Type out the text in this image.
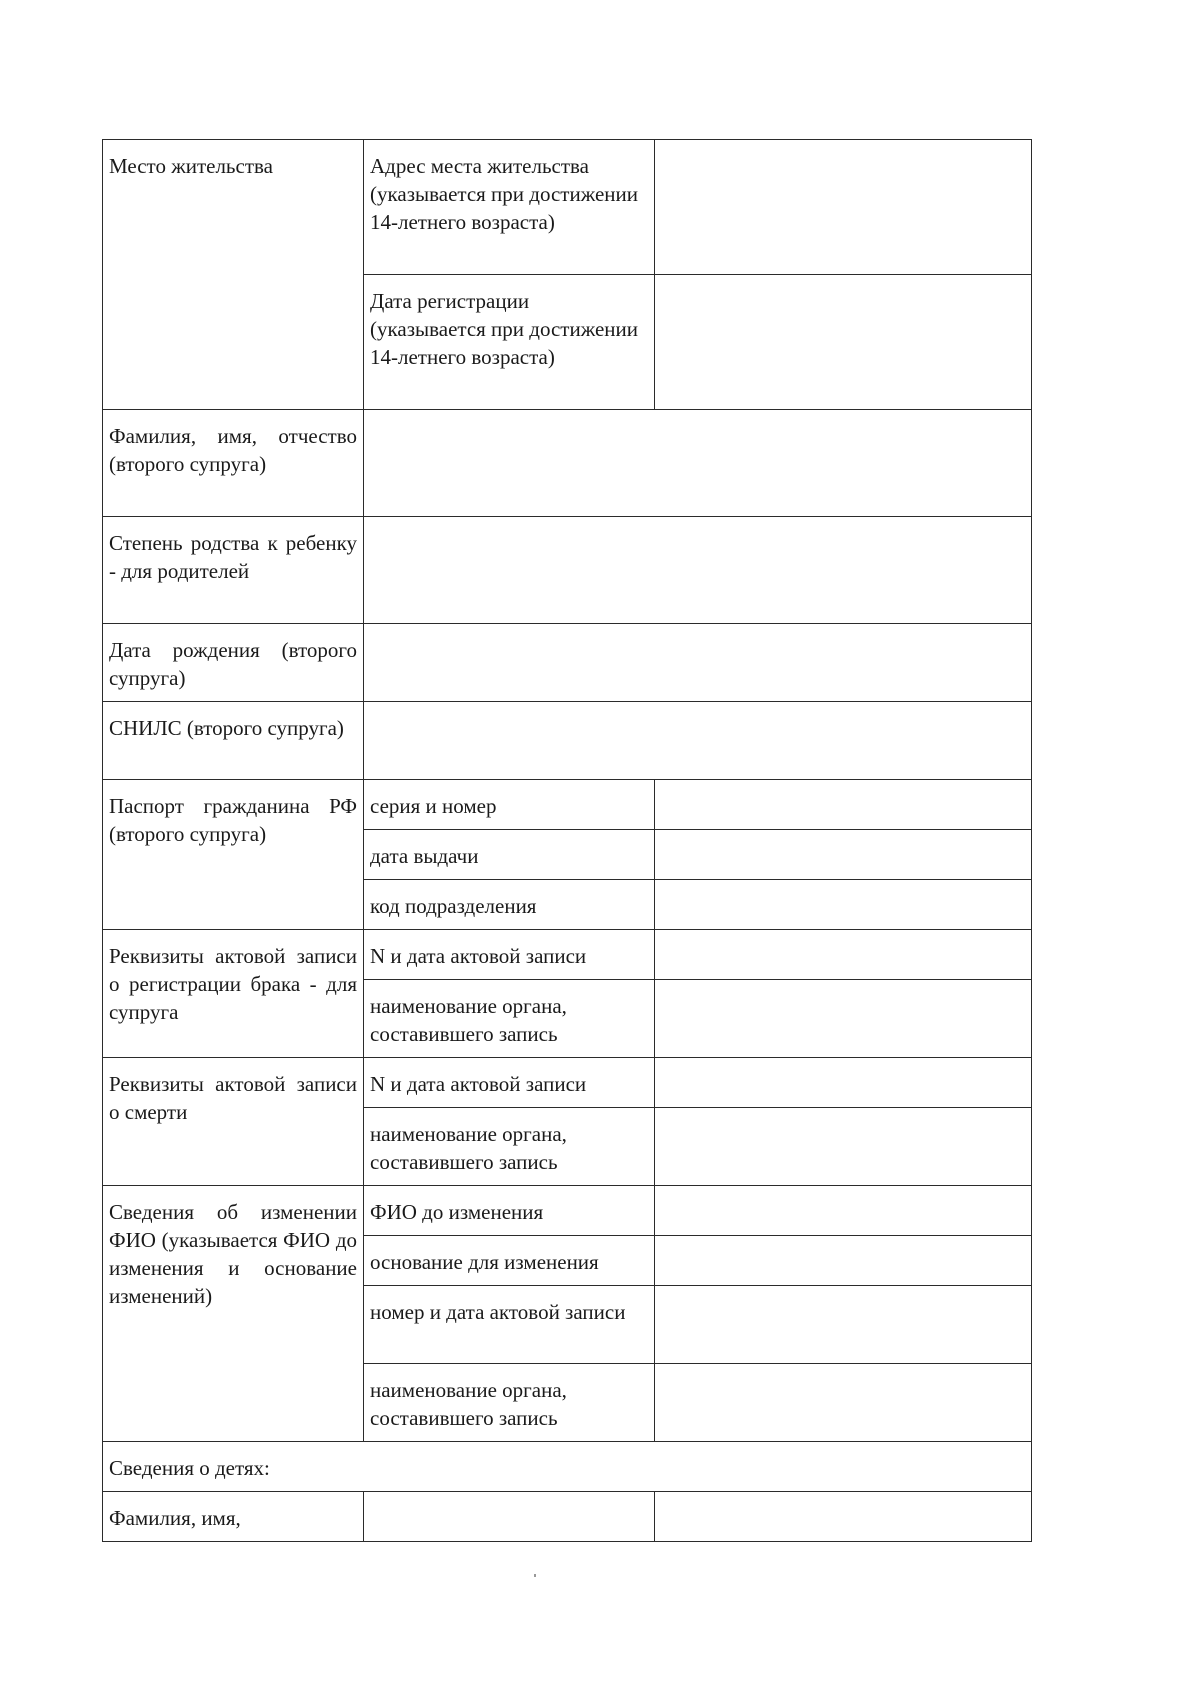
Место жительства	Адрес места жительства (указывается при достижении 14-летнего возраста)	
	Дата регистрации (указывается при достижении 14-летнего возраста)	
Фамилия, имя, отчество (второго супруга)		
Степень родства к ребенку - для родителей		
Дата рождения (второго супруга)		
СНИЛС (второго супруга)		
Паспорт гражданина РФ (второго супруга)	серия и номер	
	дата выдачи	
	код подразделения	
Реквизиты актовой записи о регистрации брака - для супруга	N и дата актовой записи	
	наименование органа, составившего запись	
Реквизиты актовой записи о смерти	N и дата актовой записи	
	наименование органа, составившего запись	
Сведения об изменении ФИО (указывается ФИО до изменения и основание изменений)	ФИО до изменения	
	основание для изменения	
	номер и дата актовой записи	
	наименование органа, составившего запись	
Сведения о детях:		
Фамилия, имя,		
